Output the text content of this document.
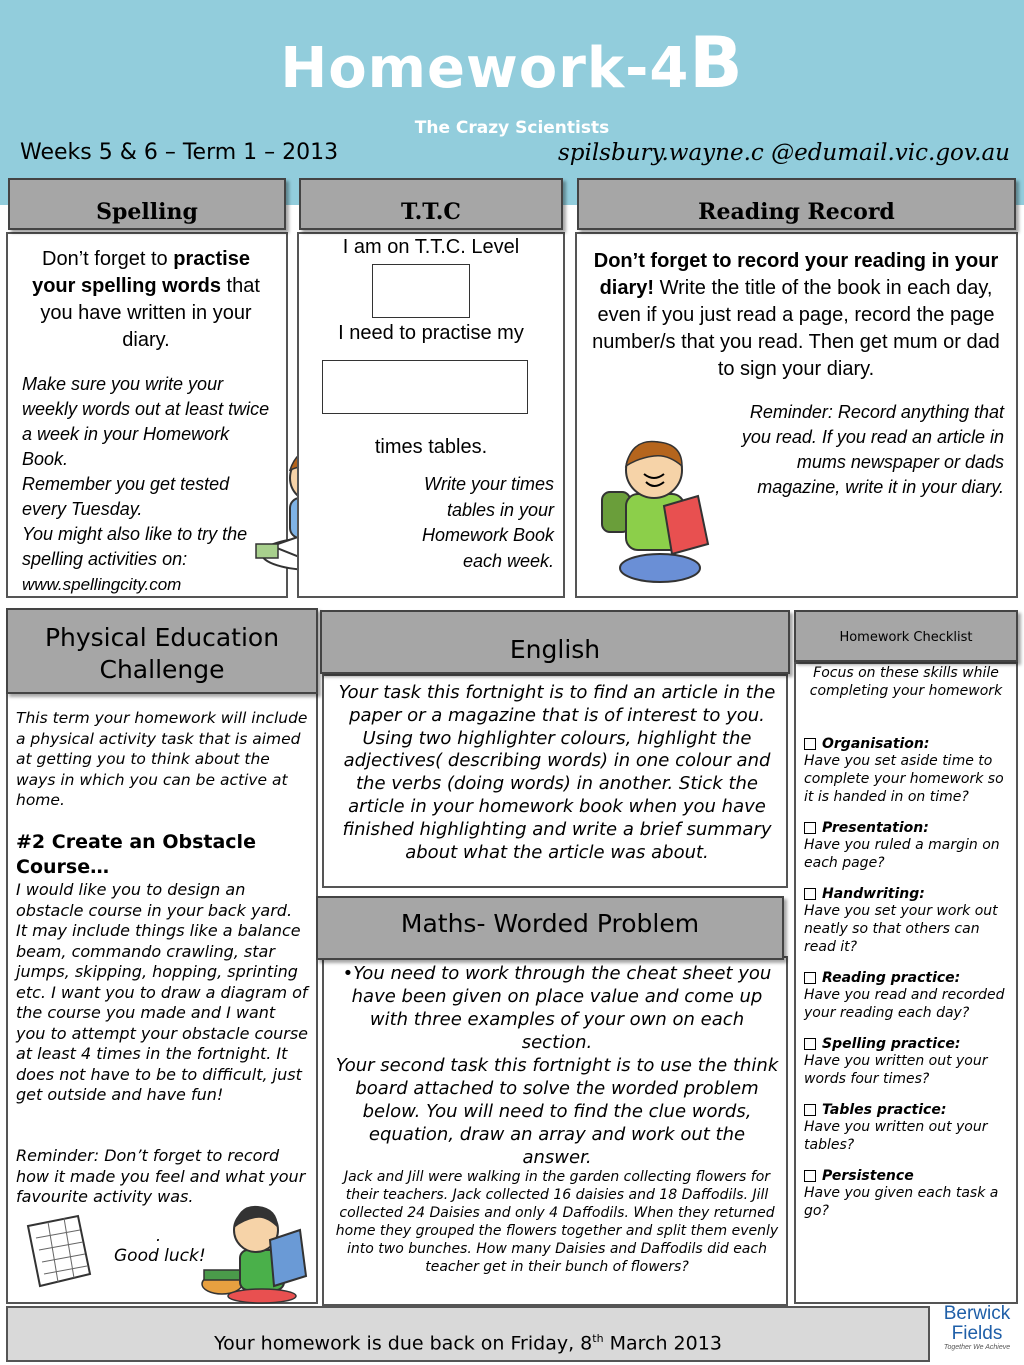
Homework-4B
The Crazy Scientists
Weeks 5 & 6 – Term 1 – 2013	spilsbury.wayne.c @edumail.vic.gov.au
Spelling
Don’t forget to practise your spelling words that you have written in your diary.

Make sure you write your weekly words out at least twice a week in your Homework Book.

Remember you get tested every Tuesday.

You might also like to try the spelling activities on:

www.spellingcity.com

T.T.C
I am on T.T.C. Level
I need to practise my
times tables.
Write your times tables in your Homework Book each week.
Reading Record
Don’t forget to record your reading in your diary! Write the title of the book in each day, even if you just read a page, record the page number/s that you read. Then get mum or dad to sign your diary.
Reminder: Record anything that you read. If you read an article in mums newspaper or dads magazine, write it in your diary.
Physical Education Challenge
This term your homework will include a physical activity task that is aimed at getting you to think about the ways in which you can be active at home.
#2 Create an Obstacle Course…
I would like you to design an obstacle course in your back yard. It may include things like a balance beam, commando crawling, star jumps, skipping, hopping, sprinting etc. I want you to draw a diagram of the course you made and I want you to attempt your obstacle course at least 4 times in the fortnight. It does not have to be to difficult, just get outside and have fun!
Reminder: Don’t forget to record how it made you feel and what your favourite activity was.
.
Good luck!
English
Your task this fortnight is to find an article in the paper or a magazine that is of interest to you. Using two highlighter colours, highlight the adjectives( describing words) in one colour and the verbs (doing words) in another. Stick the article in your homework book when you have finished highlighting and write a brief summary about what the article was about.
Maths- Worded Problem
•You need to work through the cheat sheet you have been given on place value and come up with three examples of your own on each section.
Your second task this fortnight is to use the think board attached to solve the worded problem below. You will need to find the clue words, equation, draw an array and work out the answer.
Jack and Jill were walking in the garden collecting flowers for their teachers. Jack collected 16 daisies and 18 Daffodils. Jill collected 24 Daisies and only 4 Daffodils. When they returned home they grouped the flowers together and split them evenly into two bunches. How many Daisies and Daffodils did each teacher get in their bunch of flowers?
Homework Checklist
Focus on these skills while completing your homework
Organisation:
Have you set aside time to complete your homework so it is handed in on time?
Presentation:
Have you ruled a margin on each page?
Handwriting:
Have you set your work out neatly so that others can read it?
Reading practice:
Have you read and recorded your reading each day?
Spelling practice:
Have you written out your words four times?
Tables practice:
Have you written out your tables?
Persistence
Have you given each task a go?
Your homework is due back on Friday, 8th March 2013
Berwick
Fields
Together We Achieve
